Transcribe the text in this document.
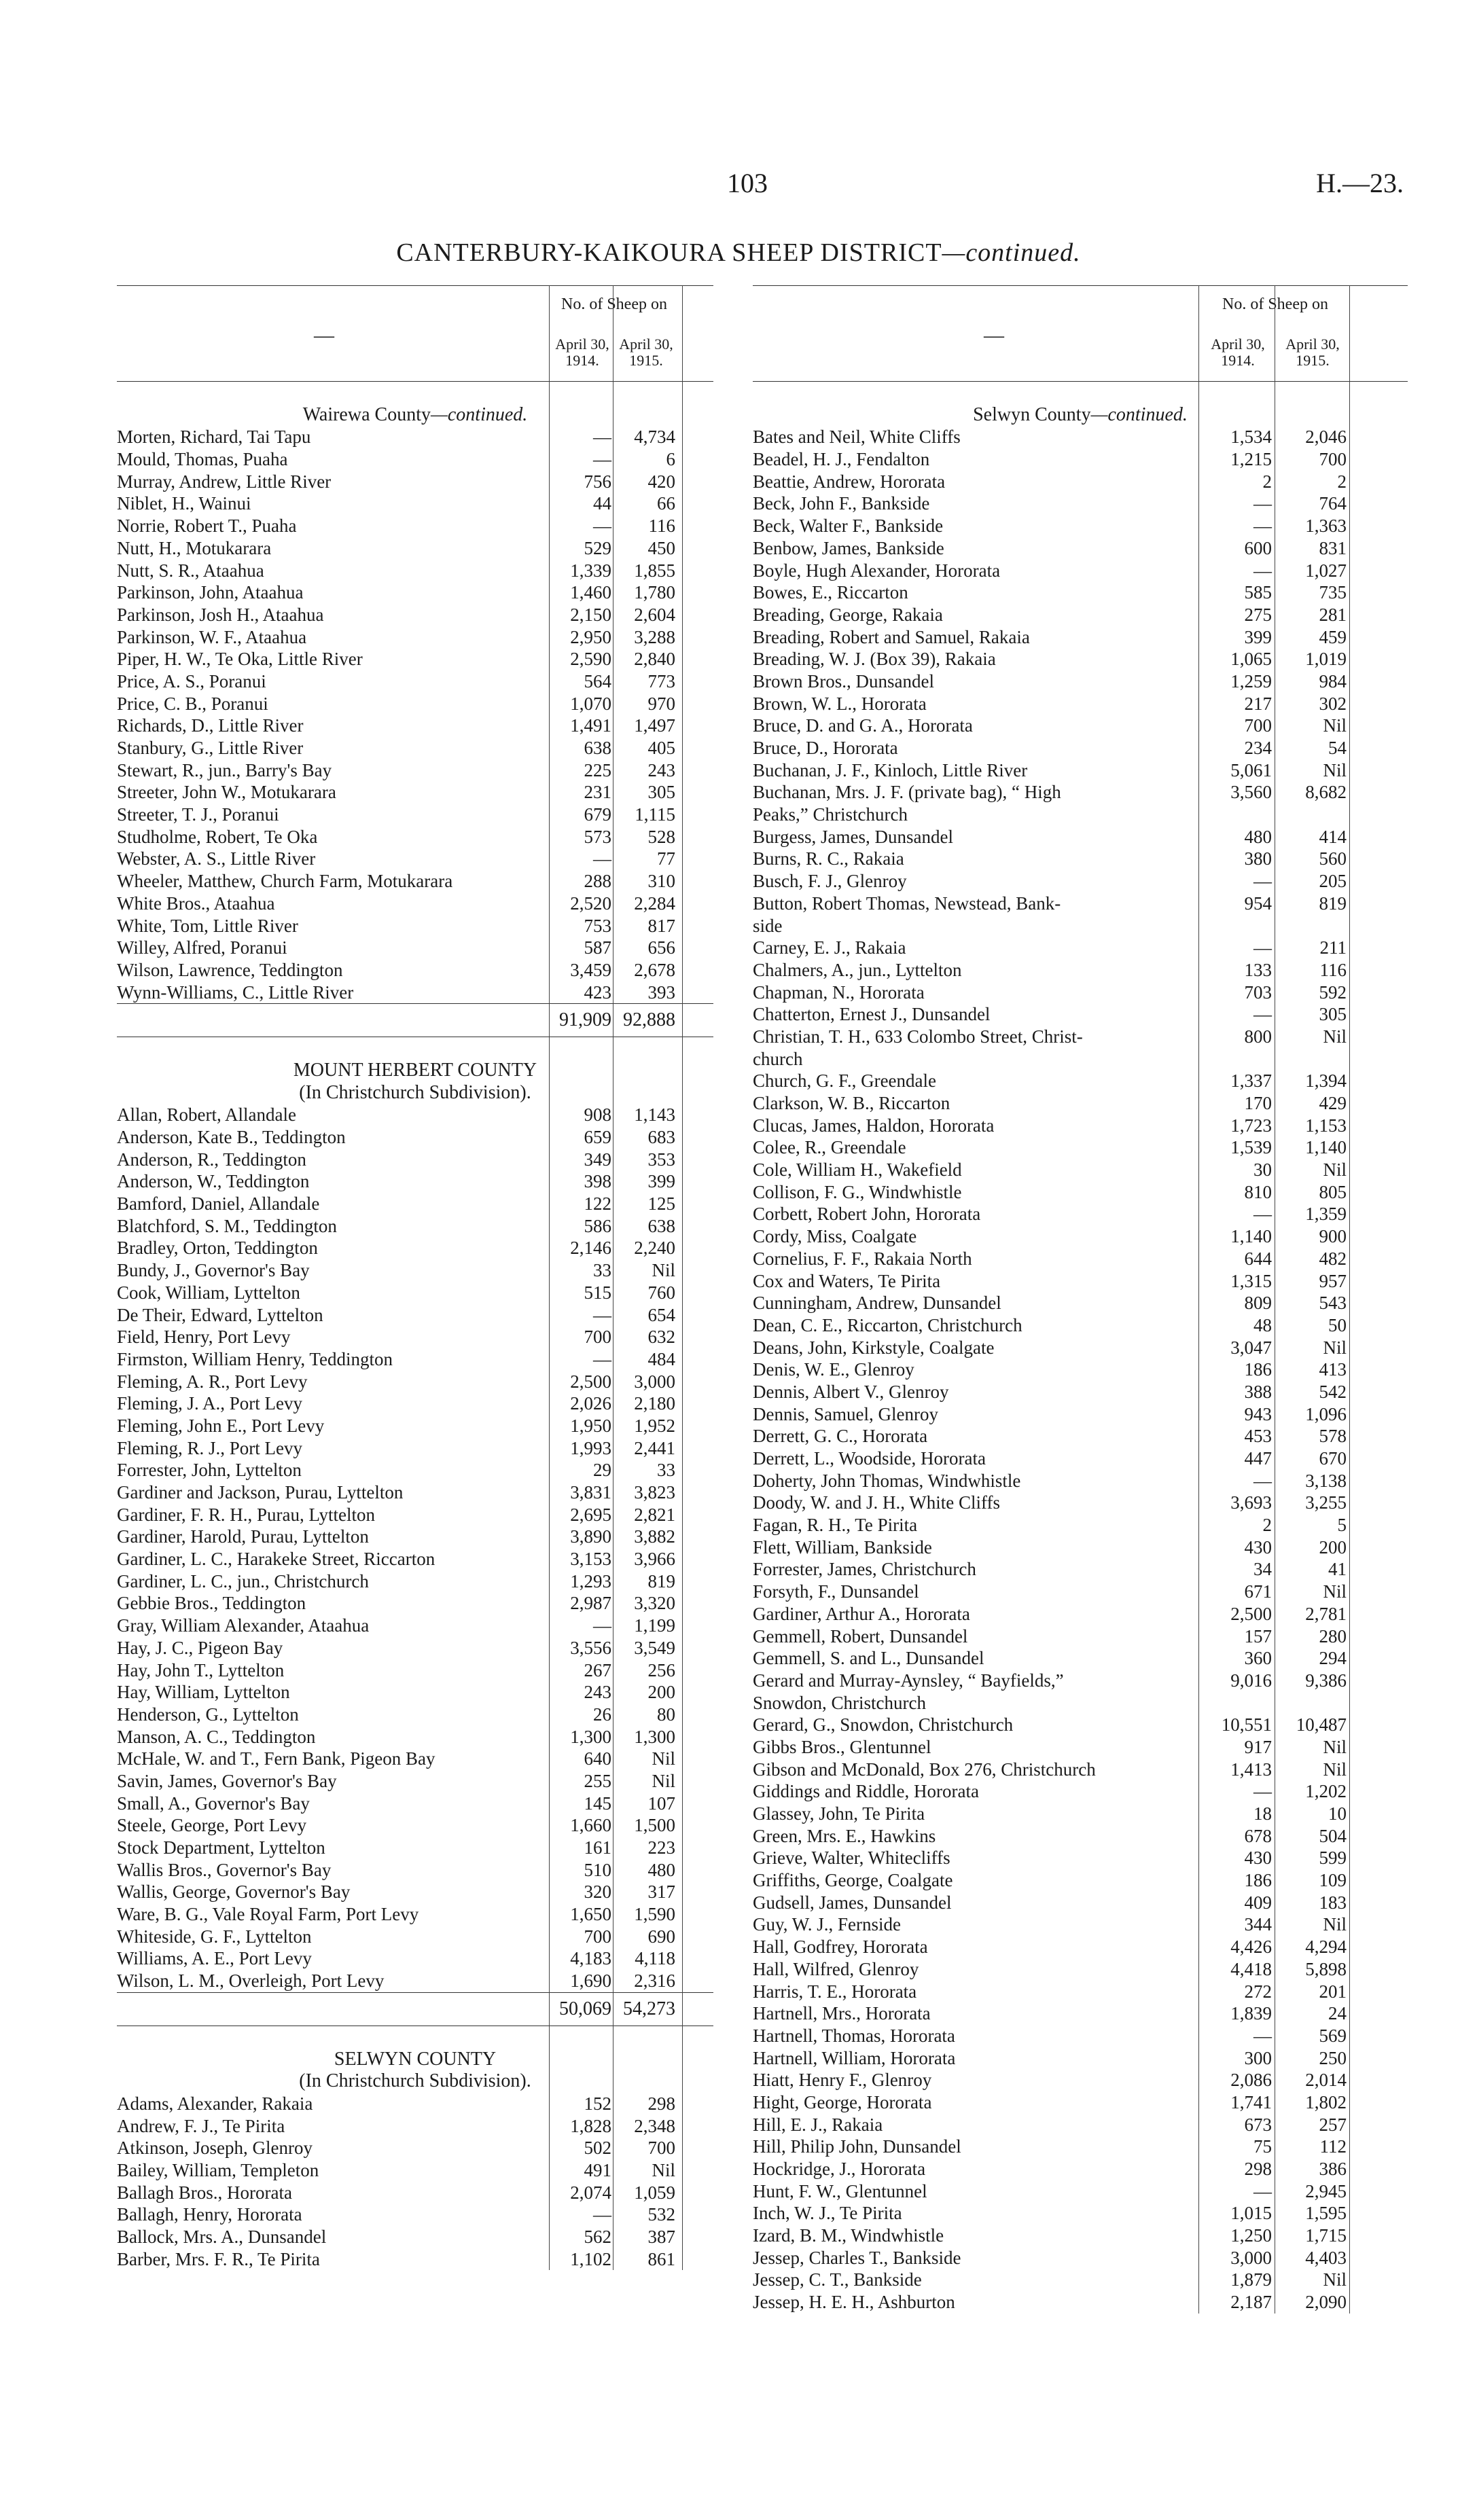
103	H.—23.
CANTERBURY-KAIKOURA SHEEP DISTRICT—continued.
—
No. of Sheep on
April 30,
1914.
April 30,
1915.
Wairewa County—continued.
Morten, Richard, Tai Tapu	—	4,734
Mould, Thomas, Puaha	—	6
Murray, Andrew, Little River	756	420
Niblet, H., Wainui	44	66
Norrie, Robert T., Puaha	—	116
Nutt, H., Motukarara	529	450
Nutt, S. R., Ataahua	1,339	1,855
Parkinson, John, Ataahua	1,460	1,780
Parkinson, Josh H., Ataahua	2,150	2,604
Parkinson, W. F., Ataahua	2,950	3,288
Piper, H. W., Te Oka, Little River	2,590	2,840
Price, A. S., Poranui	564	773
Price, C. B., Poranui	1,070	970
Richards, D., Little River	1,491	1,497
Stanbury, G., Little River	638	405
Stewart, R., jun., Barry's Bay	225	243
Streeter, John W., Motukarara	231	305
Streeter, T. J., Poranui	679	1,115
Studholme, Robert, Te Oka	573	528
Webster, A. S., Little River	—	77
Wheeler, Matthew, Church Farm, Motukarara	288	310
White Bros., Ataahua	2,520	2,284
White, Tom, Little River	753	817
Willey, Alfred, Poranui	587	656
Wilson, Lawrence, Teddington	3,459	2,678
Wynn-Williams, C., Little River	423	393
91,909 92,888
MOUNT HERBERT COUNTY
(In Christchurch Subdivision).
Allan, Robert, Allandale	908	1,143
Anderson, Kate B., Teddington	659	683
Anderson, R., Teddington	349	353
Anderson, W., Teddington	398	399
Bamford, Daniel, Allandale	122	125
Blatchford, S. M., Teddington	586	638
Bradley, Orton, Teddington	2,146	2,240
Bundy, J., Governor's Bay	33	Nil
Cook, William, Lyttelton	515	760
De Their, Edward, Lyttelton	—	654
Field, Henry, Port Levy	700	632
Firmston, William Henry, Teddington	—	484
Fleming, A. R., Port Levy	2,500	3,000
Fleming, J. A., Port Levy	2,026	2,180
Fleming, John E., Port Levy	1,950	1,952
Fleming, R. J., Port Levy	1,993	2,441
Forrester, John, Lyttelton	29	33
Gardiner and Jackson, Purau, Lyttelton	3,831	3,823
Gardiner, F. R. H., Purau, Lyttelton	2,695	2,821
Gardiner, Harold, Purau, Lyttelton	3,890	3,882
Gardiner, L. C., Harakeke Street, Riccarton	3,153	3,966
Gardiner, L. C., jun., Christchurch	1,293	819
Gebbie Bros., Teddington	2,987	3,320
Gray, William Alexander, Ataahua	—	1,199
Hay, J. C., Pigeon Bay	3,556	3,549
Hay, John T., Lyttelton	267	256
Hay, William, Lyttelton	243	200
Henderson, G., Lyttelton	26	80
Manson, A. C., Teddington	1,300	1,300
McHale, W. and T., Fern Bank, Pigeon Bay	640	Nil
Savin, James, Governor's Bay	255	Nil
Small, A., Governor's Bay	145	107
Steele, George, Port Levy	1,660	1,500
Stock Department, Lyttelton	161	223
Wallis Bros., Governor's Bay	510	480
Wallis, George, Governor's Bay	320	317
Ware, B. G., Vale Royal Farm, Port Levy	1,650	1,590
Whiteside, G. F., Lyttelton	700	690
Williams, A. E., Port Levy	4,183	4,118
Wilson, L. M., Overleigh, Port Levy	1,690	2,316
50,069 54,273
SELWYN COUNTY
(In Christchurch Subdivision).
Adams, Alexander, Rakaia	152	298
Andrew, F. J., Te Pirita	1,828	2,348
Atkinson, Joseph, Glenroy	502	700
Bailey, William, Templeton	491	Nil
Ballagh Bros., Hororata	2,074	1,059
Ballagh, Henry, Hororata	—	532
Ballock, Mrs. A., Dunsandel	562	387
Barber, Mrs. F. R., Te Pirita	1,102	861
—
No. of Sheep on
April 30,
1914.
April 30,
1915.
Selwyn County—continued.
Bates and Neil, White Cliffs	1,534	2,046
Beadel, H. J., Fendalton	1,215	700
Beattie, Andrew, Hororata	2	2
Beck, John F., Bankside	—	764
Beck, Walter F., Bankside	—	1,363
Benbow, James, Bankside	600	831
Boyle, Hugh Alexander, Hororata	—	1,027
Bowes, E., Riccarton	585	735
Breading, George, Rakaia	275	281
Breading, Robert and Samuel, Rakaia	399	459
Breading, W. J. (Box 39), Rakaia	1,065	1,019
Brown Bros., Dunsandel	1,259	984
Brown, W. L., Hororata	217	302
Bruce, D. and G. A., Hororata	700	Nil
Bruce, D., Hororata	234	54
Buchanan, J. F., Kinloch, Little River	5,061	Nil
Buchanan, Mrs. J. F. (private bag), “ High	3,560	8,682
Peaks,” Christchurch
Burgess, James, Dunsandel	480	414
Burns, R. C., Rakaia	380	560
Busch, F. J., Glenroy	—	205
Button, Robert Thomas, Newstead, Bank-	954	819
side
Carney, E. J., Rakaia	—	211
Chalmers, A., jun., Lyttelton	133	116
Chapman, N., Hororata	703	592
Chatterton, Ernest J., Dunsandel	—	305
Christian, T. H., 633 Colombo Street, Christ-	800	Nil
church
Church, G. F., Greendale	1,337	1,394
Clarkson, W. B., Riccarton	170	429
Clucas, James, Haldon, Hororata	1,723	1,153
Colee, R., Greendale	1,539	1,140
Cole, William H., Wakefield	30	Nil
Collison, F. G., Windwhistle	810	805
Corbett, Robert John, Hororata	—	1,359
Cordy, Miss, Coalgate	1,140	900
Cornelius, F. F., Rakaia North	644	482
Cox and Waters, Te Pirita	1,315	957
Cunningham, Andrew, Dunsandel	809	543
Dean, C. E., Riccarton, Christchurch	48	50
Deans, John, Kirkstyle, Coalgate	3,047	Nil
Denis, W. E., Glenroy	186	413
Dennis, Albert V., Glenroy	388	542
Dennis, Samuel, Glenroy	943	1,096
Derrett, G. C., Hororata	453	578
Derrett, L., Woodside, Hororata	447	670
Doherty, John Thomas, Windwhistle	—	3,138
Doody, W. and J. H., White Cliffs	3,693	3,255
Fagan, R. H., Te Pirita	2	5
Flett, William, Bankside	430	200
Forrester, James, Christchurch	34	41
Forsyth, F., Dunsandel	671	Nil
Gardiner, Arthur A., Hororata	2,500	2,781
Gemmell, Robert, Dunsandel	157	280
Gemmell, S. and L., Dunsandel	360	294
Gerard and Murray-Aynsley, “ Bayfields,”	9,016	9,386
Snowdon, Christchurch
Gerard, G., Snowdon, Christchurch	10,551	10,487
Gibbs Bros., Glentunnel	917	Nil
Gibson and McDonald, Box 276, Christchurch	1,413	Nil
Giddings and Riddle, Hororata	—	1,202
Glassey, John, Te Pirita	18	10
Green, Mrs. E., Hawkins	678	504
Grieve, Walter, Whitecliffs	430	599
Griffiths, George, Coalgate	186	109
Gudsell, James, Dunsandel	409	183
Guy, W. J., Fernside	344	Nil
Hall, Godfrey, Hororata	4,426	4,294
Hall, Wilfred, Glenroy	4,418	5,898
Harris, T. E., Hororata	272	201
Hartnell, Mrs., Hororata	1,839	24
Hartnell, Thomas, Hororata	—	569
Hartnell, William, Hororata	300	250
Hiatt, Henry F., Glenroy	2,086	2,014
Hight, George, Hororata	1,741	1,802
Hill, E. J., Rakaia	673	257
Hill, Philip John, Dunsandel	75	112
Hockridge, J., Hororata	298	386
Hunt, F. W., Glentunnel	—	2,945
Inch, W. J., Te Pirita	1,015	1,595
Izard, B. M., Windwhistle	1,250	1,715
Jessep, Charles T., Bankside	3,000	4,403
Jessep, C. T., Bankside	1,879	Nil
Jessep, H. E. H., Ashburton	2,187	2,090
